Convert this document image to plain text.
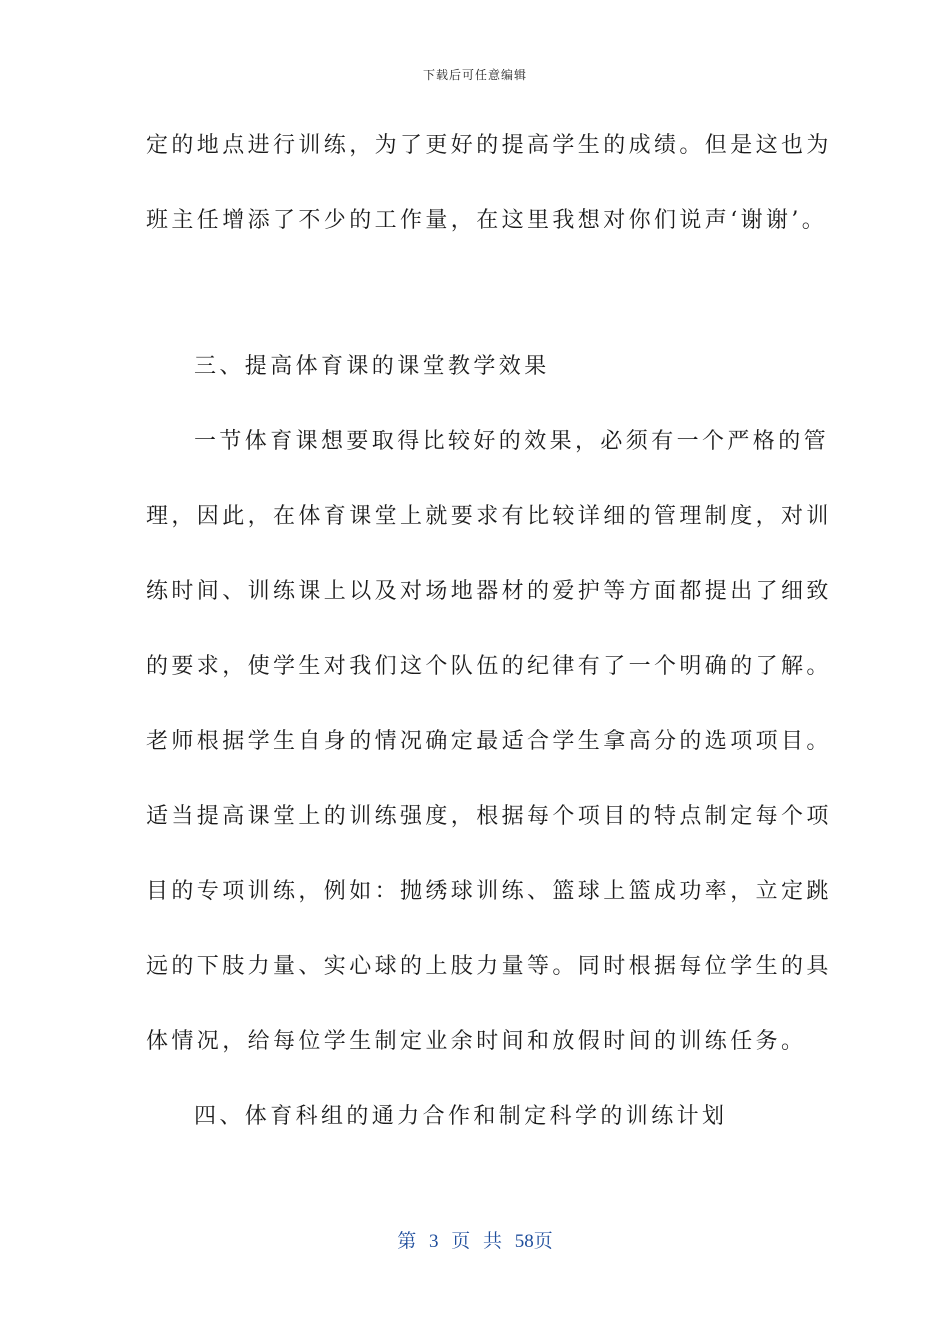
下载后可任意编辑
定的地点进行训练，为了更好的提高学生的成绩。但是这也为
班主任增添了不少的工作量，在这里我想对你们说声‘谢谢’。
三、提高体育课的课堂教学效果
一节体育课想要取得比较好的效果，必须有一个严格的管
理，因此，在体育课堂上就要求有比较详细的管理制度，对训
练时间、训练课上以及对场地器材的爱护等方面都提出了细致
的要求，使学生对我们这个队伍的纪律有了一个明确的了解。
老师根据学生自身的情况确定最适合学生拿高分的选项项目。
适当提高课堂上的训练强度，根据每个项目的特点制定每个项
目的专项训练，例如：抛绣球训练、篮球上篮成功率，立定跳
远的下肢力量、实心球的上肢力量等。同时根据每位学生的具
体情况，给每位学生制定业余时间和放假时间的训练任务。
四、体育科组的通力合作和制定科学的训练计划
第 3 页 共 58页
